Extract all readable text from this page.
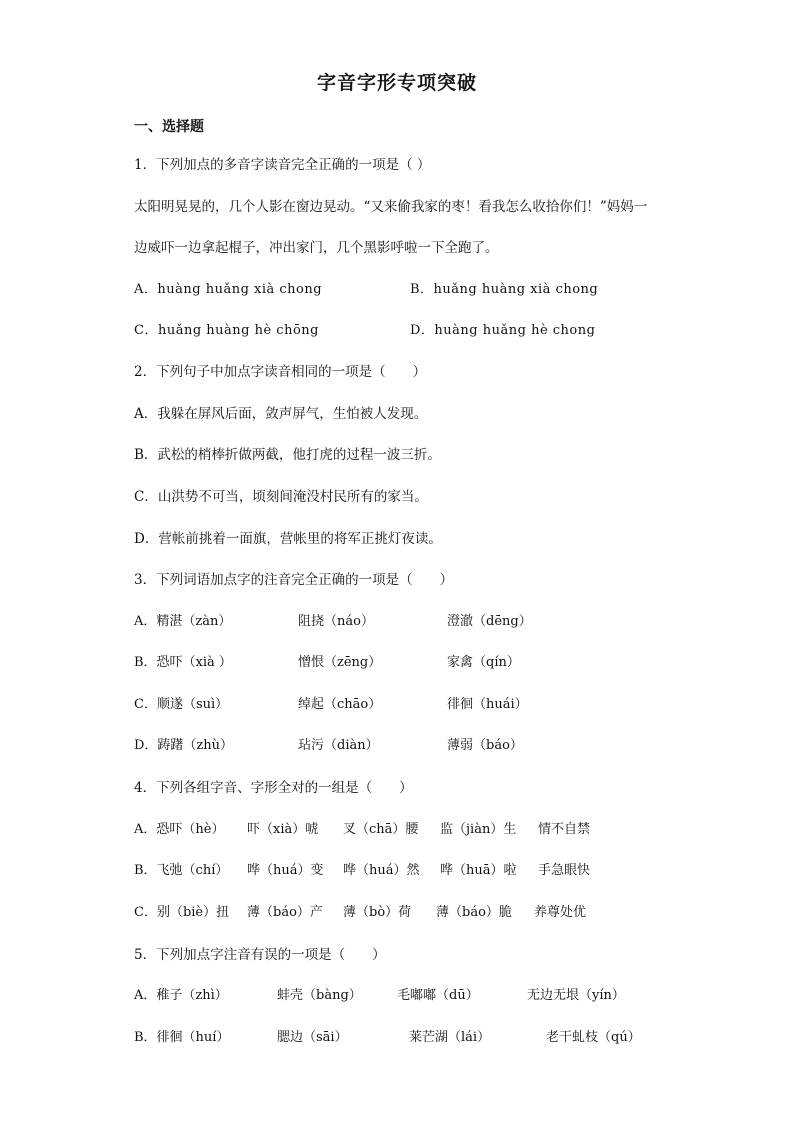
字音字形专项突破
一、选择题
1．下列加点的多音字读音完全正确的一项是（ ）
太阳明晃晃的，几个人影在窗边晃动。“又来偷我家的枣！看我怎么收拾你们！”妈妈一
边威吓一边拿起棍子，冲出家门，几个黑影呼啦一下全跑了。
A．huàng huǎng xià chong	B．huǎng huàng xià chong
C．huǎng huàng hè chōng	D．huàng huǎng hè chong
2．下列句子中加点字读音相同的一项是（　　）
A．我躲在屏风后面，敛声屏气，生怕被人发现。
B．武松的梢棒折做两截，他打虎的过程一波三折。
C．山洪势不可当，顷刻间淹没村民所有的家当。
D．营帐前挑着一面旗，营帐里的将军正挑灯夜读。
3．下列词语加点字的注音完全正确的一项是（　　）
A．精湛（zàn）	阻挠（náo）	澄澈（dēng）
B．恐吓（xià ）	憎恨（zēng）	家禽（qín）
C．顺遂（suì）	绰起（chāo）	徘徊（huái）
D．踌躇（zhù）	玷污（diàn）	薄弱（báo）
4．下列各组字音、字形全对的一组是（　　）
A．恐吓（hè） 吓（xià）唬 叉（chā）腰 监（jiàn）生 情不自禁
B．飞弛（chí） 哗（huá）变 哗（huá）然 哗（huā）啦 手急眼快
C．别（biè）扭 薄（báo）产 薄（bò）荷 薄（báo）脆 养尊处优
5．下列加点字注音有误的一项是（　　）
A．稚子（zhì）	蚌壳（bàng）	毛嘟嘟（dū）	无边无垠（yín）
B．徘徊（huí）	腮边（sāi）	莱芒湖（lái）	老干虬枝（qú）
